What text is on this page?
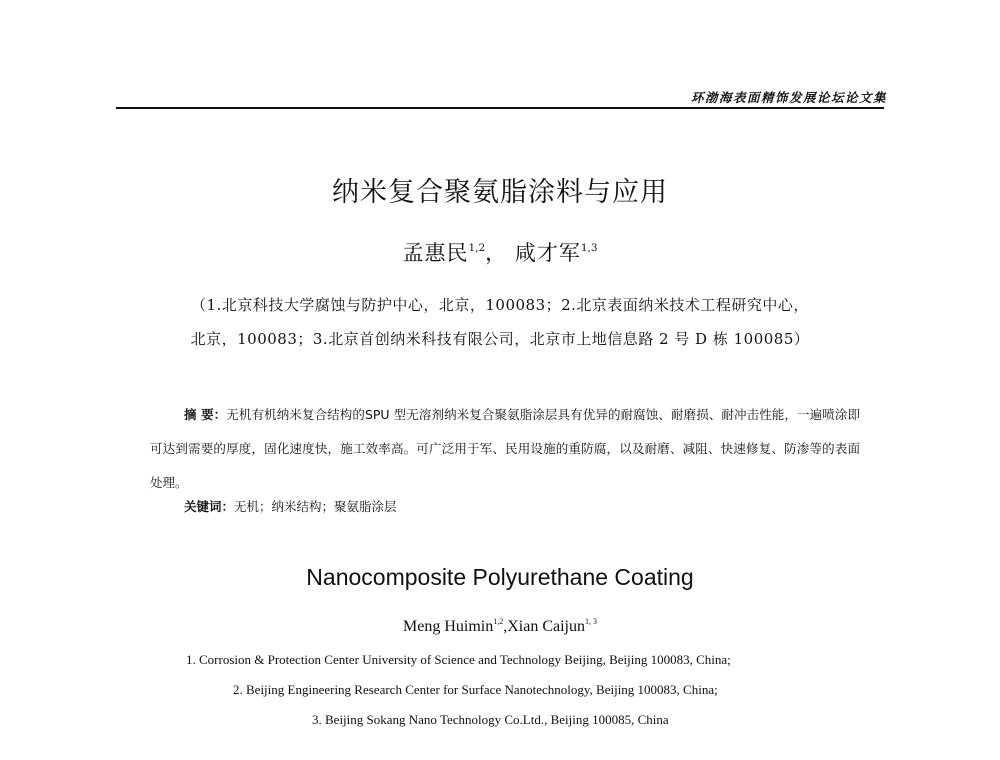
环渤海表面精饰发展论坛论文集
纳米复合聚氨脂涂料与应用
孟惠民$^{1,2}$， 咸才军$^{1,3}$
（1.北京科技大学腐蚀与防护中心，北京，100083；2.北京表面纳米技术工程研究中心，
北京，100083；3.北京首创纳米科技有限公司，北京市上地信息路 2 号 D 栋 100085）

摘 要：无机有机纳米复合结构的SPU 型无溶剂纳米复合聚氨脂涂层具有优异的耐腐蚀、耐磨损、耐冲击性能，一遍喷涂即可达到需要的厚度，固化速度快，施工效率高。可广泛用于军、民用设施的重防腐，以及耐磨、减阻、快速修复、防渗等的表面处理。

关键词：无机；纳米结构；聚氨脂涂层
Nanocomposite Polyurethane Coating
Meng Huimin$^{1,2}$,Xian Caijun$^{1, 3}$
1. Corrosion & Protection Center University of Science and Technology Beijing, Beijing 100083, China;
2. Beijing Engineering Research Center for Surface Nanotechnology, Beijing 100083, China;
3. Beijing Sokang Nano Technology Co.Ltd., Beijing 100085, China
